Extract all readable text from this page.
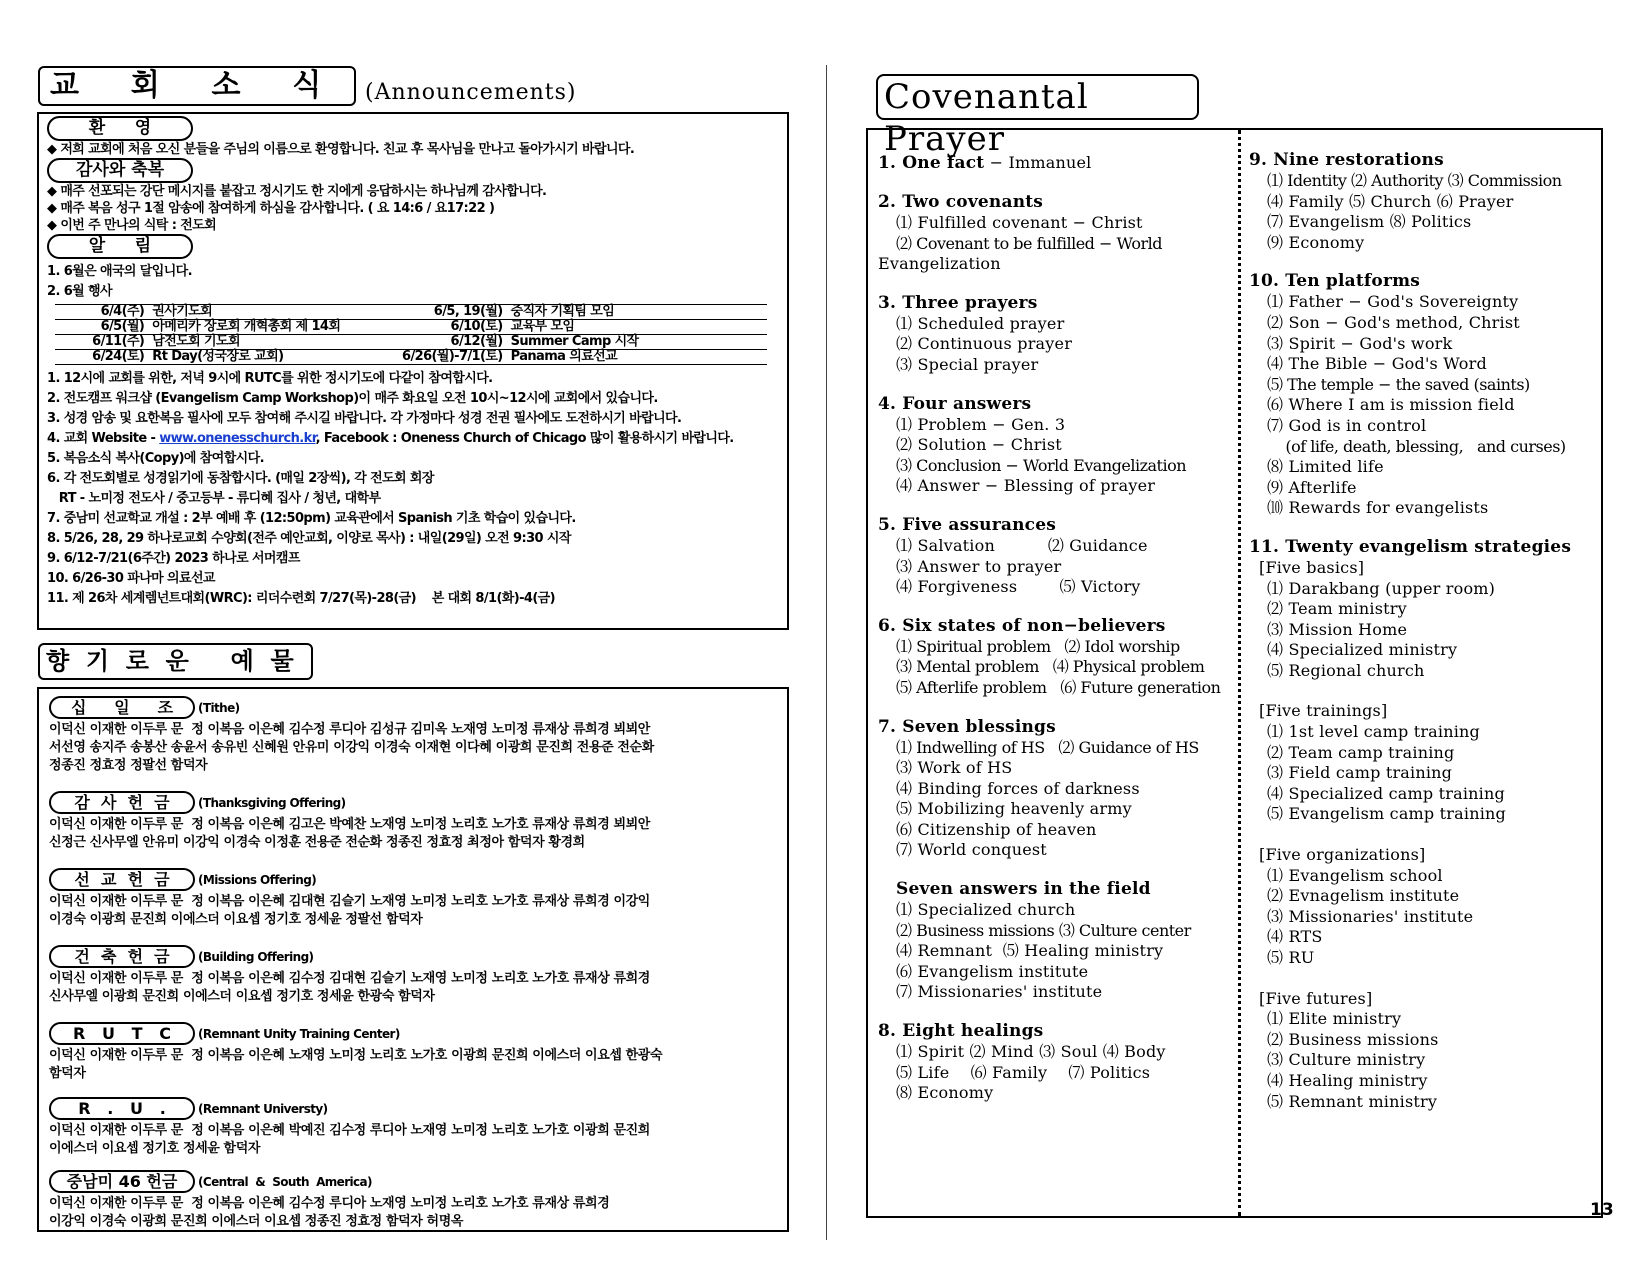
교    회    소    식	(Announcements)
환     영
◆ 저희 교회에 처음 오신 분들을 주님의 이름으로 환영합니다. 친교 후 목사님을 만나고 돌아가시기 바랍니다.
감사와 축복
◆ 매주 선포되는 강단 메시지를 붙잡고 정시기도 한 지에게 응답하시는 하나님께 감사합니다.
◆ 매주 복음 성구 1절 암송에 참여하게 하심을 감사합니다. ( 요 14:6 / 요17:22 )
◆ 이번 주 만나의 식탁 : 전도회
알     림
1. 6월은 애국의 달입니다.
2. 6월 행사
6/4(주)	권사기도회	6/5, 19(월)	중직자 기획팀 모임
6/5(월)	아메리카 장로회 개혁총회 제 14회	6/10(토)	교육부 모임
6/11(주)	남전도회 기도회	6/12(월)	Summer Camp 시작
6/24(토)	Rt Day(성국장로 교회)	6/26(월)-7/1(토)	Panama 의료선교
1. 12시에 교회를 위한, 저녁 9시에 RUTC를 위한 정시기도에 다같이 참여합시다.
2. 전도캠프 워크샵 (Evangelism Camp Workshop)이 매주 화요일 오전 10시~12시에 교회에서 있습니다.
3. 성경 암송 및 요한복음 필사에 모두 참여해 주시길 바랍니다. 각 가정마다 성경 전권 필사에도 도전하시기 바랍니다.
4. 교회 Website - www.onenesschurch.kr, Facebook : Oneness Church of Chicago 많이 활용하시기 바랍니다.
5. 복음소식 복사(Copy)에 참여합시다.
6. 각 전도회별로 성경읽기에 동참합시다. (매일 2장씩), 각 전도회 회장
RT - 노미정 전도사 / 중고등부 - 류디혜 집사 / 청년, 대학부
7. 중남미 선교학교 개설 : 2부 예배 후 (12:50pm) 교육관에서 Spanish 기초 학습이 있습니다.
8. 5/26, 28, 29 하나로교회 수양회(전주 예안교회, 이양로 목사) : 내일(29일) 오전 9:30 시작
9. 6/12-7/21(6주간) 2023 하나로 서머캠프
10. 6/26-30 파나마 의료선교
11. 제 26차 세계렘넌트대회(WRC): 리더수련회 7/27(목)-28(금)    본 대회 8/1(화)-4(금)
향  기  로  운     예  물
십     일     조	(Tithe)
이덕신 이재한 이두루 문  정 이복음 이은혜 김수정 루디아 김성규 김미옥 노재영 노미정 류재상 류희경 뵈뵈안
서선영 송지주 송봉산 송윤서 송유빈 신혜원 안유미 이강익 이경숙 이재현 이다혜 이광희 문진희 전용준 전순화
정종진 정효정 정팔선 함덕자
감  사  헌  금	(Thanksgiving Offering)
이덕신 이재한 이두루 문  정 이복음 이은혜 김고은 박예찬 노재영 노미정 노리호 노가호 류재상 류희경 뵈뵈안
신정근 신사무엘 안유미 이강익 이경숙 이정훈 전용준 전순화 정종진 정효정 최정아 함덕자 황경희
선  교  헌  금	(Missions Offering)
이덕신 이재한 이두루 문  정 이복음 이은혜 김대현 김슬기 노재영 노미정 노리호 노가호 류재상 류희경 이강익
이경숙 이광희 문진희 이에스더 이요셉 정기호 정세윤 정팔선 함덕자
건  축  헌  금	(Building Offering)
이덕신 이재한 이두루 문  정 이복음 이은혜 김수정 김대현 김슬기 노재영 노미정 노리호 노가호 류재상 류희경
신사무엘 이광희 문진희 이에스더 이요셉 정기호 정세윤 한광숙 함덕자
R   U   T   C	(Remnant Unity Training Center)
이덕신 이재한 이두루 문  정 이복음 이은혜 노재영 노미정 노리호 노가호 이광희 문진희 이에스더 이요셉 한광숙
함덕자
R   .   U   .	(Remnant Universty)
이덕신 이재한 이두루 문  정 이복음 이은혜 박예진 김수정 루디아 노재영 노미정 노리호 노가호 이광희 문진희
이에스더 이요셉 정기호 정세윤 함덕자
중남미 46 헌금	(Central  &  South  America)
이덕신 이재한 이두루 문  정 이복음 이은혜 김수정 루디아 노재영 노미정 노리호 노가호 류재상 류희경
이강익 이경숙 이광희 문진희 이에스더 이요셉 정종진 정효정 함덕자 허명옥
Covenantal Prayer
1. One fact − Immanuel
2. Two covenants
⑴ Fulfilled covenant − Christ
⑵ Covenant to be fulfilled − World
Evangelization
3. Three prayers
⑴ Scheduled prayer
⑵ Continuous prayer
⑶ Special prayer
4. Four answers
⑴ Problem − Gen. 3
⑵ Solution − Christ
⑶ Conclusion − World Evangelization
⑷ Answer − Blessing of prayer
5. Five assurances
⑴ Salvation          ⑵ Guidance
⑶ Answer to prayer
⑷ Forgiveness        ⑸ Victory
6. Six states of non−believers
⑴ Spiritual problem   ⑵ Idol worship
⑶ Mental problem   ⑷ Physical problem
⑸ Afterlife problem   ⑹ Future generation
7. Seven blessings
⑴ Indwelling of HS   ⑵ Guidance of HS
⑶ Work of HS
⑷ Binding forces of darkness
⑸ Mobilizing heavenly army
⑹ Citizenship of heaven
⑺ World conquest
Seven answers in the field
⑴ Specialized church
⑵ Business missions ⑶ Culture center
⑷ Remnant  ⑸ Healing ministry
⑹ Evangelism institute
⑺ Missionaries' institute
8. Eight healings
⑴ Spirit ⑵ Mind ⑶ Soul ⑷ Body
⑸ Life    ⑹ Family    ⑺ Politics
⑻ Economy
9. Nine restorations
⑴ Identity ⑵ Authority ⑶ Commission
⑷ Family ⑸ Church ⑹ Prayer
⑺ Evangelism ⑻ Politics
⑼ Economy
10. Ten platforms
⑴ Father − God's Sovereignty
⑵ Son − God's method, Christ
⑶ Spirit − God's work
⑷ The Bible − God's Word
⑸ The temple − the saved (saints)
⑹ Where I am is mission field
⑺ God is in control
(of life, death, blessing,   and curses)
⑻ Limited life
⑼ Afterlife
⑽ Rewards for evangelists
11. Twenty evangelism strategies
[Five basics]
⑴ Darakbang (upper room)
⑵ Team ministry
⑶ Mission Home
⑷ Specialized ministry
⑸ Regional church
[Five trainings]
⑴ 1st level camp training
⑵ Team camp training
⑶ Field camp training
⑷ Specialized camp training
⑸ Evangelism camp training
[Five organizations]
⑴ Evangelism school
⑵ Evnagelism institute
⑶ Missionaries' institute
⑷ RTS
⑸ RU
[Five futures]
⑴ Elite ministry
⑵ Business missions
⑶ Culture ministry
⑷ Healing ministry
⑸ Remnant ministry
13
